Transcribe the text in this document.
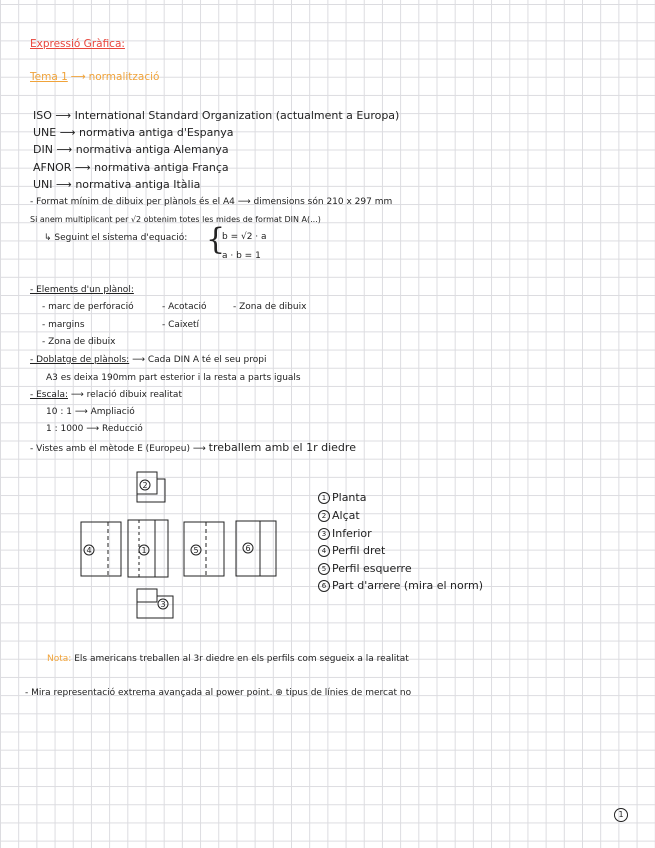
Expressió Gràfica:
Tema 1 ⟶ normalització
ISO ⟶ International Standard Organization (actualment a Europa)
UNE ⟶ normativa antiga d'Espanya
DIN ⟶ normativa antiga Alemanya
AFNOR ⟶ normativa antiga França
UNI ⟶ normativa antiga Itàlia
- Format mínim de dibuix per plànols és el A4 ⟶ dimensions són 210 x 297 mm
Si anem multiplicant per √2 obtenim totes les mides de format DIN A(...)
↳ Seguint el sistema d'equació: {
b = √2 · a
a · b = 1
- Elements d'un plànol:
- marc de perforació	- Acotació	- Zona de dibuix
- margins	- Caixetí
- Zona de dibuix
- Doblatge de plànols: ⟶ Cada DIN A té el seu propi
A3 es deixa 190mm part esterior i la resta a parts iguals
- Escala: ⟶ relació dibuix realitat
10 : 1 ⟶ Ampliació
1 : 1000 ⟶ Reducció
- Vistes amb el mètode E (Europeu) ⟶ treballem amb el 1r diedre
2
4	1	5	6
3
1 Planta
2 Alçat
3 Inferior
4 Perfil dret
5 Perfil esquerre
6 Part d'arrere (mira el norm)
Nota: Els americans treballen al 3r diedre en els perfils com segueix a la realitat
- Mira representació extrema avançada al power point. ⊕ tipus de línies de mercat no
1
